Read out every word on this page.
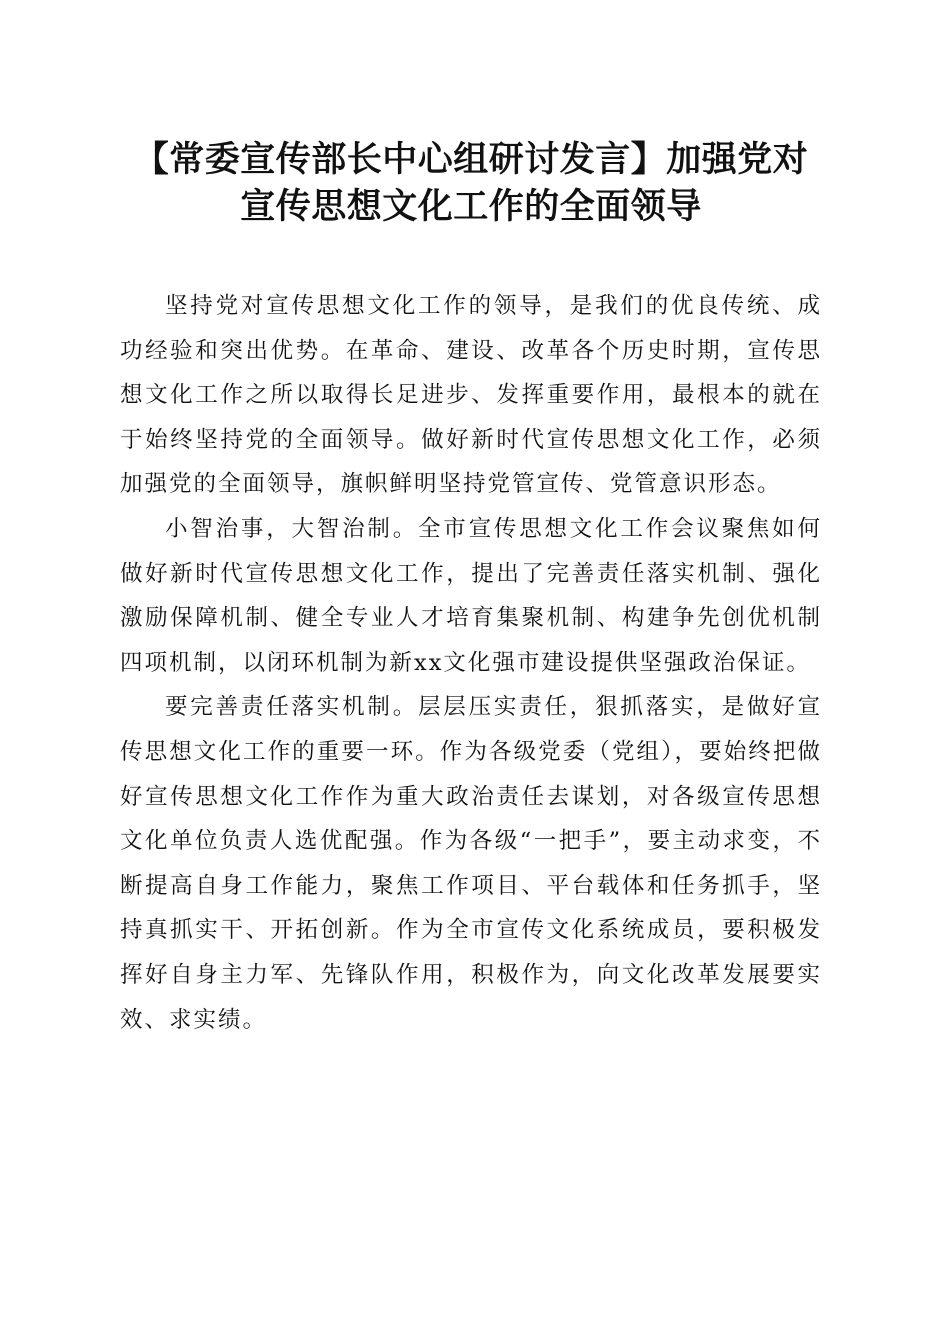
【常委宣传部长中心组研讨发言】加强党对宣传思想文化工作的全面领导

坚持党对宣传思想文化工作的领导，是我们的优良传统、成功经验和突出优势。在革命、建设、改革各个历史时期，宣传思想文化工作之所以取得长足进步、发挥重要作用，最根本的就在于始终坚持党的全面领导。做好新时代宣传思想文化工作，必须加强党的全面领导，旗帜鲜明坚持党管宣传、党管意识形态。

小智治事，大智治制。全市宣传思想文化工作会议聚焦如何做好新时代宣传思想文化工作，提出了完善责任落实机制、强化激励保障机制、健全专业人才培育集聚机制、构建争先创优机制四项机制，以闭环机制为新xx文化强市建设提供坚强政治保证。

要完善责任落实机制。层层压实责任，狠抓落实，是做好宣传思想文化工作的重要一环。作为各级党委（党组），要始终把做好宣传思想文化工作作为重大政治责任去谋划，对各级宣传思想文化单位负责人选优配强。作为各级“一把手”，要主动求变，不断提高自身工作能力，聚焦工作项目、平台载体和任务抓手，坚持真抓实干、开拓创新。作为全市宣传文化系统成员，要积极发挥好自身主力军、先锋队作用，积极作为，向文化改革发展要实效、求实绩。
